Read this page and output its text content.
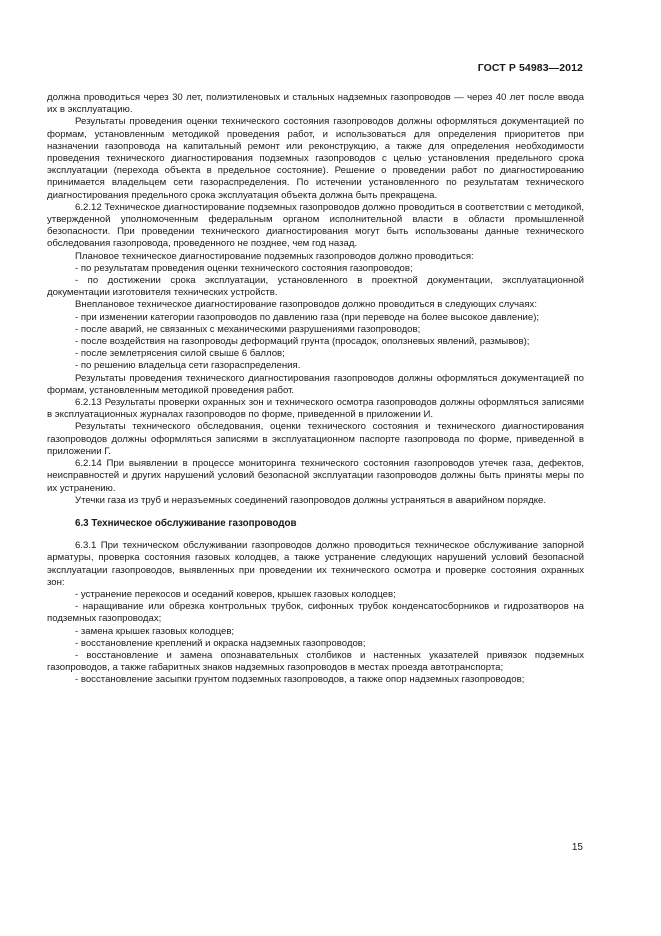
ГОСТ Р 54983—2012

должна проводиться через 30 лет, полиэтиленовых и стальных надземных газопроводов — через 40 лет после ввода их в эксплуатацию.

Результаты проведения оценки технического состояния газопроводов должны оформляться документацией по формам, установленным методикой проведения работ, и использоваться для определения приоритетов при назначении газопровода на капитальный ремонт или реконструкцию, а также для определения необходимости проведения технического диагностирования подземных газопроводов с целью установления предельного срока эксплуатации (перехода объекта в предельное состояние). Решение о проведении работ по диагностированию принимается владельцем сети газораспределения. По истечении установленного по результатам технического диагностирования предельного срока эксплуатация объекта должна быть прекращена.

6.2.12 Техническое диагностирование подземных газопроводов должно проводиться в соответствии с методикой, утвержденной уполномоченным федеральным органом исполнительной власти в области промышленной безопасности. При проведении технического диагностирования могут быть использованы данные технического обследования газопровода, проведенного не позднее, чем год назад.

Плановое техническое диагностирование подземных газопроводов должно проводиться:

- по результатам проведения оценки технического состояния газопроводов;

- по достижении срока эксплуатации, установленного в проектной документации, эксплуатационной документации изготовителя технических устройств.

Внеплановое техническое диагностирование газопроводов должно проводиться в следующих случаях:

- при изменении категории газопроводов по давлению газа (при переводе на более высокое давление);

- после аварий, не связанных с механическими разрушениями газопроводов;

- после воздействия на газопроводы деформаций грунта (просадок, оползневых явлений, размывов);

- после землетрясения силой свыше 6 баллов;

- по решению владельца сети газораспределения.

Результаты проведения технического диагностирования газопроводов должны оформляться документацией по формам, установленным методикой проведения работ.

6.2.13 Результаты проверки охранных зон и технического осмотра газопроводов должны оформляться записями в эксплуатационных журналах газопроводов по форме, приведенной в приложении И.

Результаты технического обследования, оценки технического состояния и технического диагностирования газопроводов должны оформляться записями в эксплуатационном паспорте газопровода по форме, приведенной в приложении Г.

6.2.14 При выявлении в процессе мониторинга технического состояния газопроводов утечек газа, дефектов, неисправностей и других нарушений условий безопасной эксплуатации газопроводов должны быть приняты меры по их устранению.

Утечки газа из труб и неразъемных соединений газопроводов должны устраняться в аварийном порядке.

6.3 Техническое обслуживание газопроводов

6.3.1 При техническом обслуживании газопроводов должно проводиться техническое обслуживание запорной арматуры, проверка состояния газовых колодцев, а также устранение следующих нарушений условий безопасной эксплуатации газопроводов, выявленных при проведении их технического осмотра и проверке состояния охранных зон:

- устранение перекосов и оседаний коверов, крышек газовых колодцев;

- наращивание или обрезка контрольных трубок, сифонных трубок конденсатосборников и гидрозатворов на подземных газопроводах;

- замена крышек газовых колодцев;

- восстановление креплений и окраска надземных газопроводов;

- восстановление и замена опознавательных столбиков и настенных указателей привязок подземных газопроводов, а также габаритных знаков надземных газопроводов в местах проезда автотранспорта;

- восстановление засыпки грунтом подземных газопроводов, а также опор надземных газопроводов;

15
